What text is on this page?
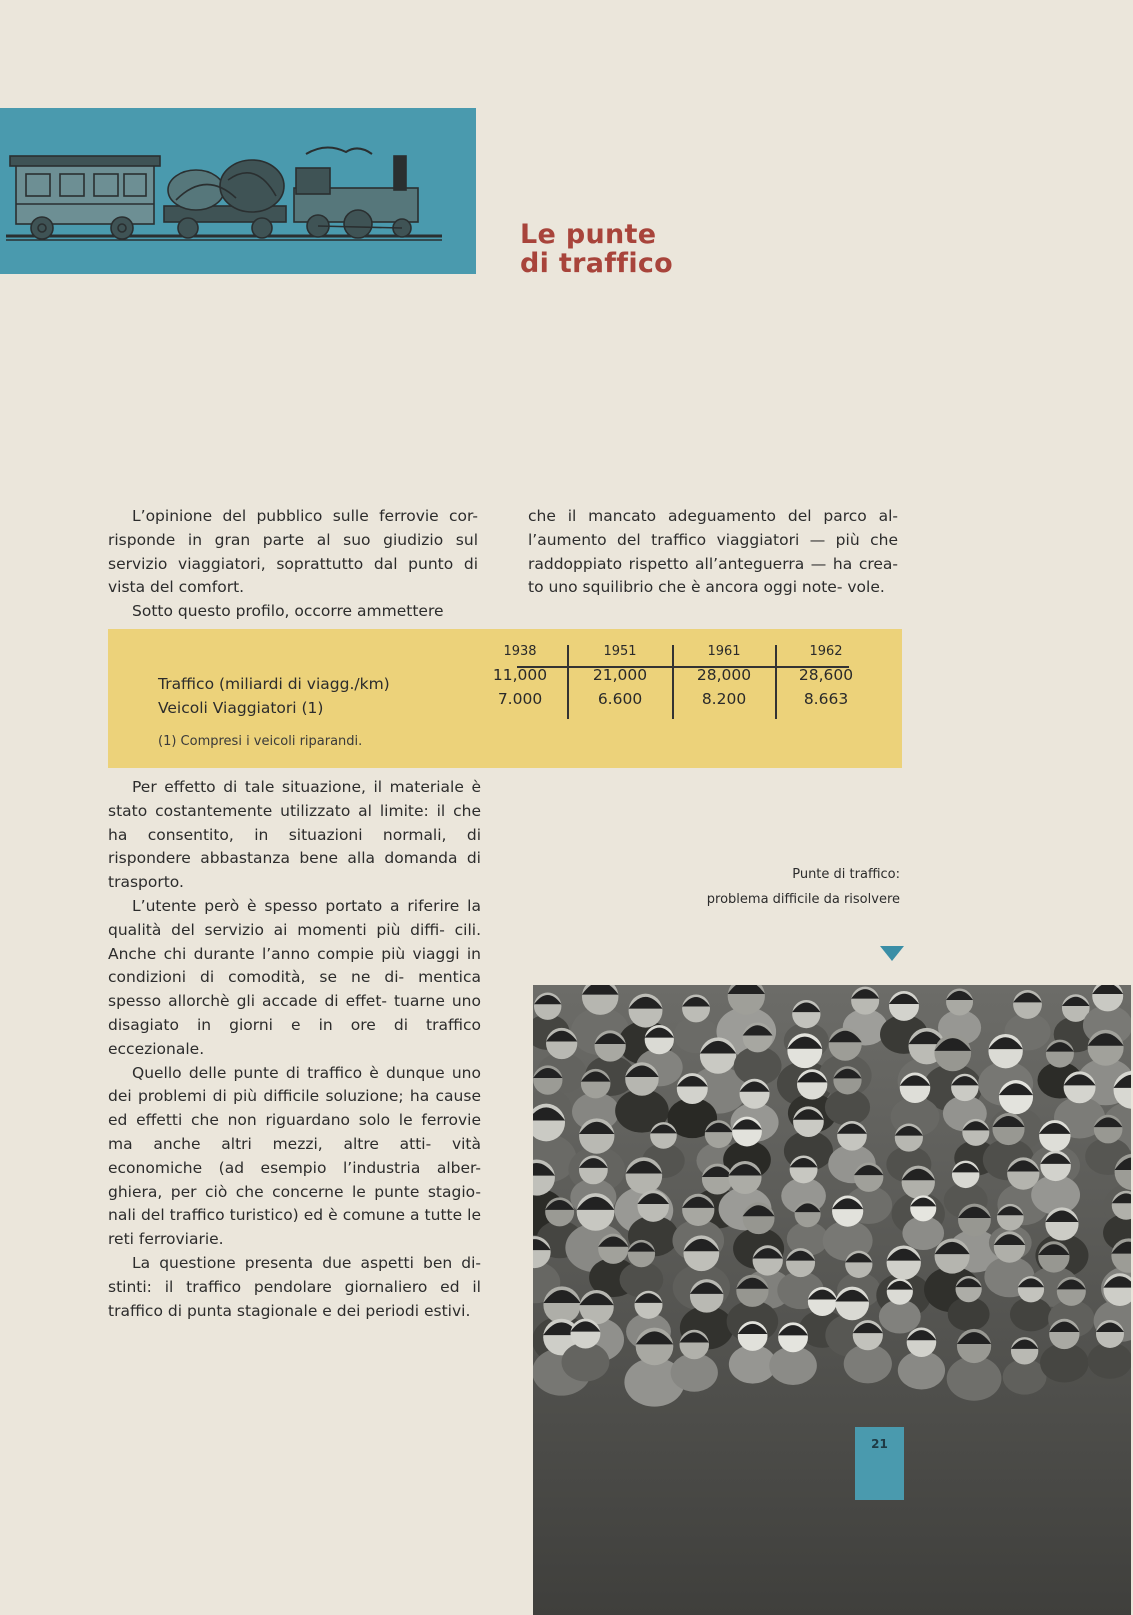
Le punte
di traffico

L’opinione del pubblico sulle ferrovie cor- risponde in gran parte al suo giudizio sul servizio viaggiatori, soprattutto dal punto di vista del comfort.

Sotto questo profilo, occorre ammettere

che il mancato adeguamento del parco al- l’aumento del traffico viaggiatori — più che raddoppiato rispetto all’anteguerra — ha crea- to uno squilibrio che è ancora oggi note- vole.

Traffico (miliardi di viagg./km)
Veicoli Viaggiatori (1)
(1) Compresi i veicoli riparandi.
1938
11,000
7.000
1951
21,000
6.600
1961
28,000
8.200
1962
28,600
8.663

Per effetto di tale situazione, il materiale è stato costantemente utilizzato al limite: il che ha consentito, in situazioni normali, di rispondere abbastanza bene alla domanda di trasporto.

L’utente però è spesso portato a riferire la qualità del servizio ai momenti più diffi- cili. Anche chi durante l’anno compie più viaggi in condizioni di comodità, se ne di- mentica spesso allorchè gli accade di effet- tuarne uno disagiato in giorni e in ore di traffico eccezionale.

Quello delle punte di traffico è dunque uno dei problemi di più difficile soluzione; ha cause ed effetti che non riguardano solo le ferrovie ma anche altri mezzi, altre atti- vità economiche (ad esempio l’industria alber- ghiera, per ciò che concerne le punte stagio- nali del traffico turistico) ed è comune a tutte le reti ferroviarie.

La questione presenta due aspetti ben di- stinti: il traffico pendolare giornaliero ed il traffico di punta stagionale e dei periodi estivi.

Punte di traffico:
problema difficile da risolvere
21
